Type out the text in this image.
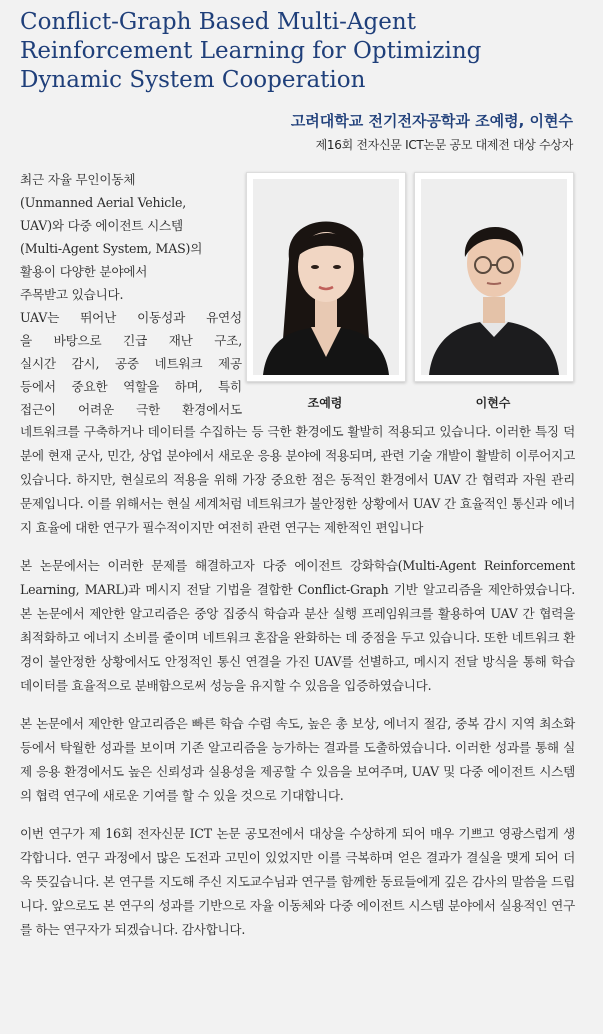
Conflict-Graph Based Multi-Agent Reinforcement Learning for Optimizing Dynamic System Cooperation
고려대학교 전기전자공학과 조예령, 이현수
제16회 전자신문 ICT논문 공모 대제전 대상 수상자

최근 자율 무인이동체

(Unmanned Aerial Vehicle,

UAV)와 다중 에이전트 시스템

(Multi-Agent System, MAS)의

활용이 다양한 분야에서

주목받고 있습니다.

UAV는 뛰어난 이동성과 유연성

을 바탕으로 긴급 재난 구조,

실시간 감시, 공중 네트워크 제공

등에서 중요한 역할을 하며, 특히

접근이 어려운 극한 환경에서도	조예령	이현수

네트워크를 구축하거나 데이터를 수집하는 등 극한 환경에도 활발히 적용되고 있습니다. 이러한 특징 덕분에 현재 군사, 민간, 상업 분야에서 새로운 응용 분야에 적용되며, 관련 기술 개발이 활발히 이루어지고 있습니다. 하지만, 현실로의 적용을 위해 가장 중요한 점은 동적인 환경에서 UAV 간 협력과 자원 관리 문제입니다. 이를 위해서는 현실 세계처럼 네트워크가 불안정한 상황에서 UAV 간 효율적인 통신과 에너지 효율에 대한 연구가 필수적이지만 여전히 관련 연구는 제한적인 편입니다

본 논문에서는 이러한 문제를 해결하고자 다중 에이전트 강화학습(Multi-Agent Reinforcement Learning, MARL)과 메시지 전달 기법을 결합한 Conflict-Graph 기반 알고리즘을 제안하였습니다. 본 논문에서 제안한 알고리즘은 중앙 집중식 학습과 분산 실행 프레임워크를 활용하여 UAV 간 협력을 최적화하고 에너지 소비를 줄이며 네트워크 혼잡을 완화하는 데 중점을 두고 있습니다. 또한 네트워크 환경이 불안정한 상황에서도 안정적인 통신 연결을 가진 UAV를 선별하고, 메시지 전달 방식을 통해 학습 데이터를 효율적으로 분배함으로써 성능을 유지할 수 있음을 입증하였습니다.

본 논문에서 제안한 알고리즘은 빠른 학습 수렴 속도, 높은 총 보상, 에너지 절감, 중복 감시 지역 최소화 등에서 탁월한 성과를 보이며 기존 알고리즘을 능가하는 결과를 도출하였습니다. 이러한 성과를 통해 실제 응용 환경에서도 높은 신뢰성과 실용성을 제공할 수 있음을 보여주며, UAV 및 다중 에이전트 시스템의 협력 연구에 새로운 기여를 할 수 있을 것으로 기대합니다.

이번 연구가 제 16회 전자신문 ICT 논문 공모전에서 대상을 수상하게 되어 매우 기쁘고 영광스럽게 생각합니다. 연구 과정에서 많은 도전과 고민이 있었지만 이를 극복하며 얻은 결과가 결실을 맺게 되어 더욱 뜻깊습니다. 본 연구를 지도해 주신 지도교수님과 연구를 함께한 동료들에게 깊은 감사의 말씀을 드립니다. 앞으로도 본 연구의 성과를 기반으로 자율 이동체와 다중 에이전트 시스템 분야에서 실용적인 연구를 하는 연구자가 되겠습니다. 감사합니다.
